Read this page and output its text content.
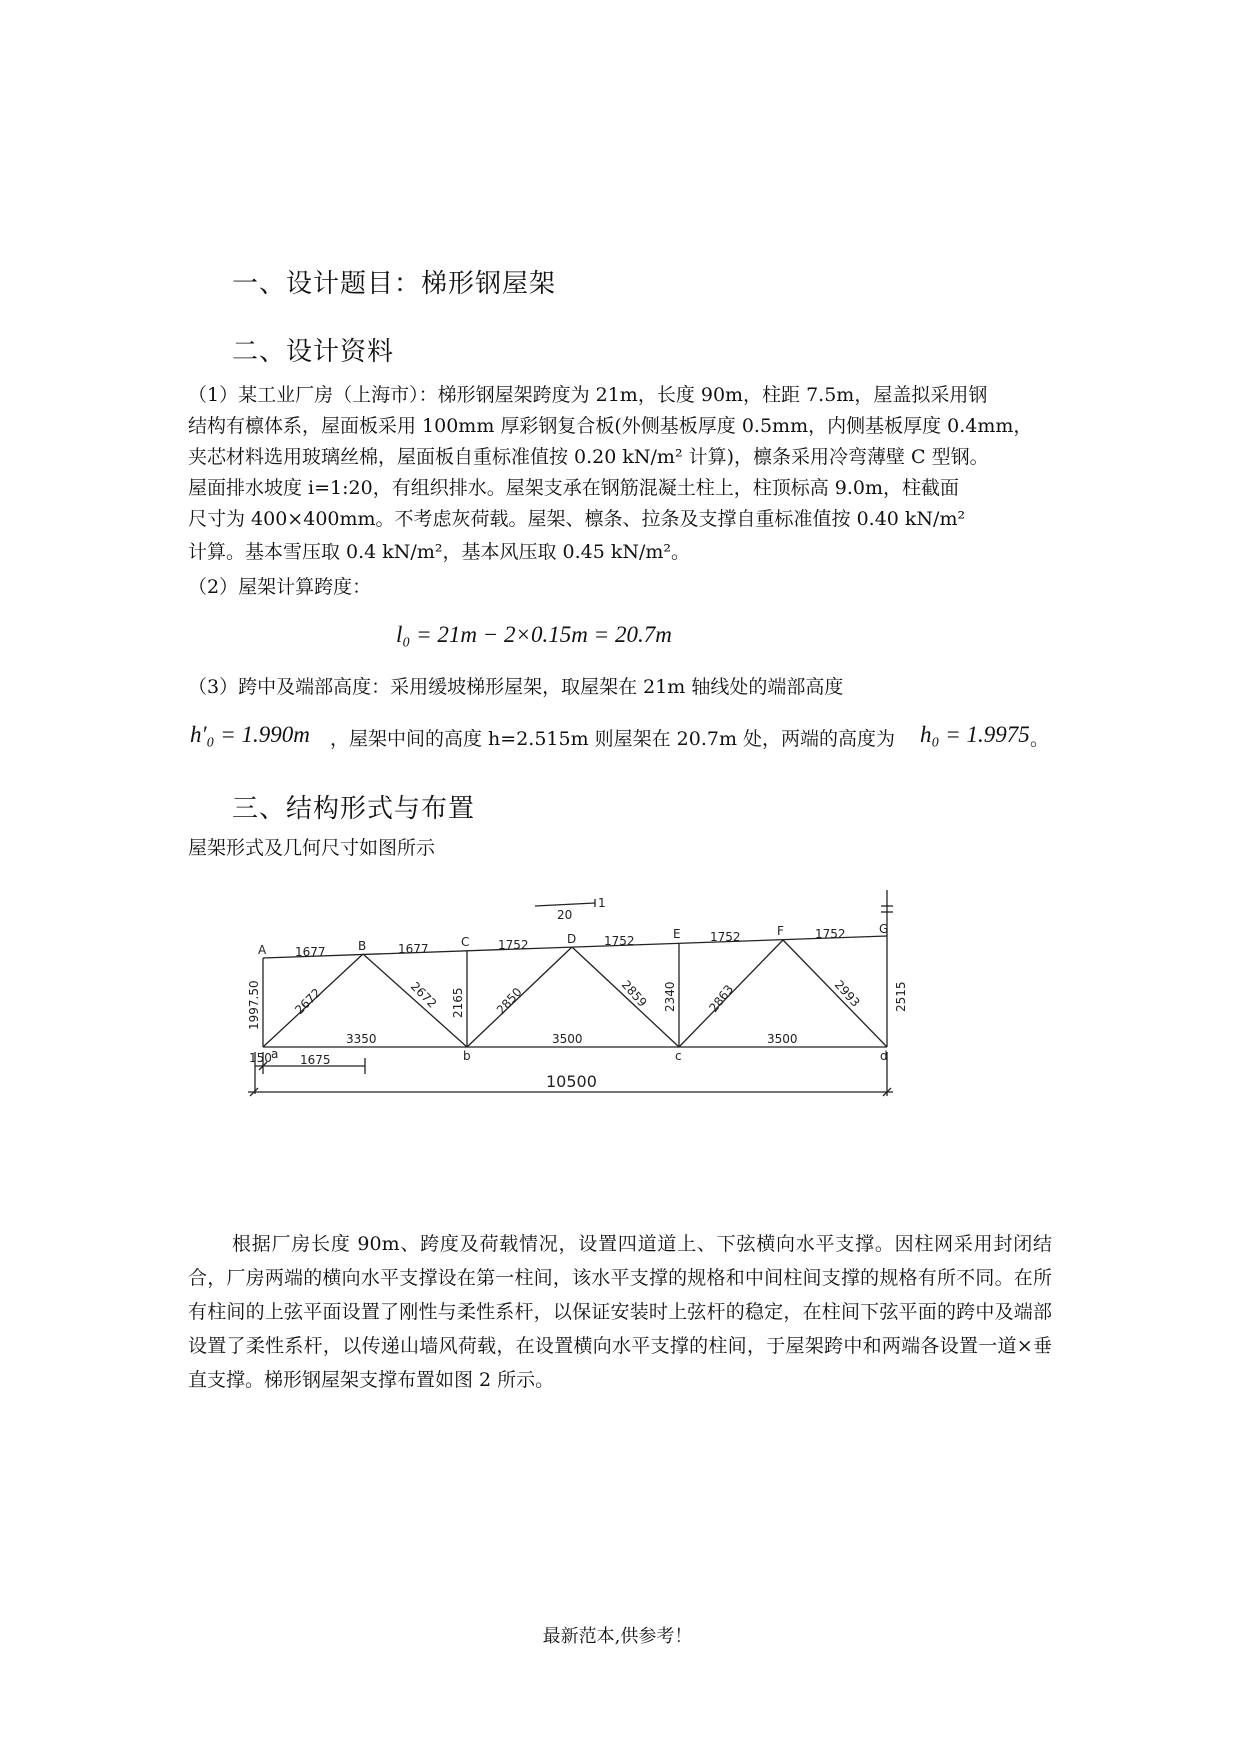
一、设计题目：梯形钢屋架
二、设计资料
（1）某工业厂房（上海市）：梯形钢屋架跨度为 21m，长度 90m，柱距 7.5m，屋盖拟采用钢
结构有檩体系，屋面板采用 100mm 厚彩钢复合板(外侧基板厚度 0.5mm，内侧基板厚度 0.4mm，
夹芯材料选用玻璃丝棉，屋面板自重标准值按 0.20 kN/m² 计算)，檩条采用冷弯薄壁 C 型钢。
屋面排水坡度 i=1:20，有组织排水。屋架支承在钢筋混凝土柱上，柱顶标高 9.0m，柱截面
尺寸为 400×400mm。不考虑灰荷载。屋架、檩条、拉条及支撑自重标准值按 0.40 kN/m²
计算。基本雪压取 0.4 kN/m²，基本风压取 0.45 kN/m²。
（2）屋架计算跨度：
l₀ = 21m − 2×0.15m = 20.7m
（3）跨中及端部高度：采用缓坡梯形屋架，取屋架在 21m 轴线处的端部高度
h′₀ = 1.990m ，屋架中间的高度 h=2.515m 则屋架在 20.7m 处，两端的高度为 h₀ = 1.9975 。
三、结构形式与布置
屋架形式及几何尺寸如图所示
20
1
A	B	C	D	E	F	G
a	b	c	d
1677	1677	1752	1752	1752	1752
3350	3500	3500
2672	2672	2850	2859	2863	2993
1997.50	2165	2340	2515
150 1675
10500
根据厂房长度 90m、跨度及荷载情况，设置四道道上、下弦横向水平支撑。因柱网采用封闭结合，厂房两端的横向水平支撑设在第一柱间，该水平支撑的规格和中间柱间支撑的规格有所不同。在所有柱间的上弦平面设置了刚性与柔性系杆，以保证安装时上弦杆的稳定，在柱间下弦平面的跨中及端部设置了柔性系杆，以传递山墙风荷载，在设置横向水平支撑的柱间，于屋架跨中和两端各设置一道×垂直支撑。梯形钢屋架支撑布置如图 2 所示。
最新范本,供参考！
